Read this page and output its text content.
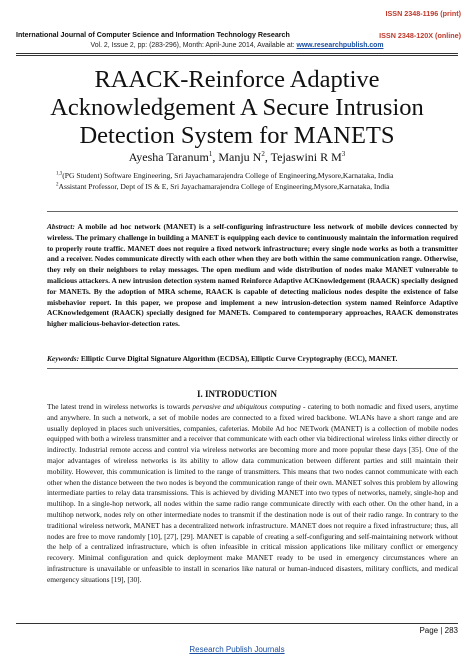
ISSN 2348-1196 (print)
International Journal of Computer Science and Information Technology Research	ISSN 2348-120X (online)
Vol. 2, Issue 2, pp: (283-296), Month: April-June 2014, Available at: www.researchpublish.com
RAACK-Reinforce Adaptive Acknowledgement A Secure Intrusion Detection System for MANETS
Ayesha Taranum$^1$, Manju $N^2$, Tejaswini R $M^3$
$^{1,3}$(PG Student) Software Engineering, Sri Jayachamarajendra College of Engineering,Mysore,Karnataka, India
$^2$Assistant Professor, Dept of IS & E, Sri Jayachamarajendra College of Engineering,Mysore,Karnataka, India
Abstract: A mobile ad hoc network (MANET) is a self-configuring infrastructure less network of mobile devices connected by wireless. The primary challenge in building a MANET is equipping each device to continuously maintain the information required to properly route traffic. MANET does not require a fixed network infrastructure; every single node works as both a transmitter and a receiver. Nodes communicate directly with each other when they are both within the same communication range. Otherwise, they rely on their neighbors to relay messages. The open medium and wide distribution of nodes make MANET vulnerable to malicious attackers. A new intrusion detection system named Reinforce Adaptive ACKnowledgement (RAACK) specially designed for MANETs. By the adoption of MRA scheme, RAACK is capable of detecting malicious nodes despite the existence of false misbehavior report. In this paper, we propose and implement a new intrusion-detection system named Reinforce Adaptive ACKnowledgement (RAACK) specially designed for MANETs. Compared to contemporary approaches, RAACK demonstrates higher malicious-behavior-detection rates.
Keywords: Elliptic Curve Digital Signature Algorithm (ECDSA), Elliptic Curve Cryptography (ECC), MANET.
I. INTRODUCTION
The latest trend in wireless networks is towards pervasive and ubiquitous computing - catering to both nomadic and fixed users, anytime and anywhere. In such a network, a set of mobile nodes are connected to a fixed wired backbone. WLANs have a short range and are usually deployed in places such universities, companies, cafeterias. Mobile Ad hoc NETwork (MANET) is a collection of mobile nodes equipped with both a wireless transmitter and a receiver that communicate with each other via bidirectional wireless links either directly or indirectly. Industrial remote access and control via wireless networks are becoming more and more popular these days [35]. One of the major advantages of wireless networks is its ability to allow data communication between different parties and still maintain their mobility. However, this communication is limited to the range of transmitters. This means that two nodes cannot communicate with each other when the distance between the two nodes is beyond the communication range of their own. MANET solves this problem by allowing intermediate parties to relay data transmissions. This is achieved by dividing MANET into two types of networks, namely, single-hop and multihop. In a single-hop network, all nodes within the same radio range communicate directly with each other. On the other hand, in a multihop network, nodes rely on other intermediate nodes to transmit if the destination node is out of their radio range. In contrary to the traditional wireless network, MANET has a decentralized network infrastructure. MANET does not require a fixed infrastructure; thus, all nodes are free to move randomly [10], [27], [29]. MANET is capable of creating a self-configuring and self-maintaining network without the help of a centralized infrastructure, which is often infeasible in critical mission applications like military conflict or emergency recovery. Minimal configuration and quick deployment make MANET ready to be used in emergency circumstances where an infrastructure is unavailable or unfeasible to install in scenarios like natural or human-induced disasters, military conflicts, and medical emergency situations [19], [30].
Page | 283
Research Publish Journals
